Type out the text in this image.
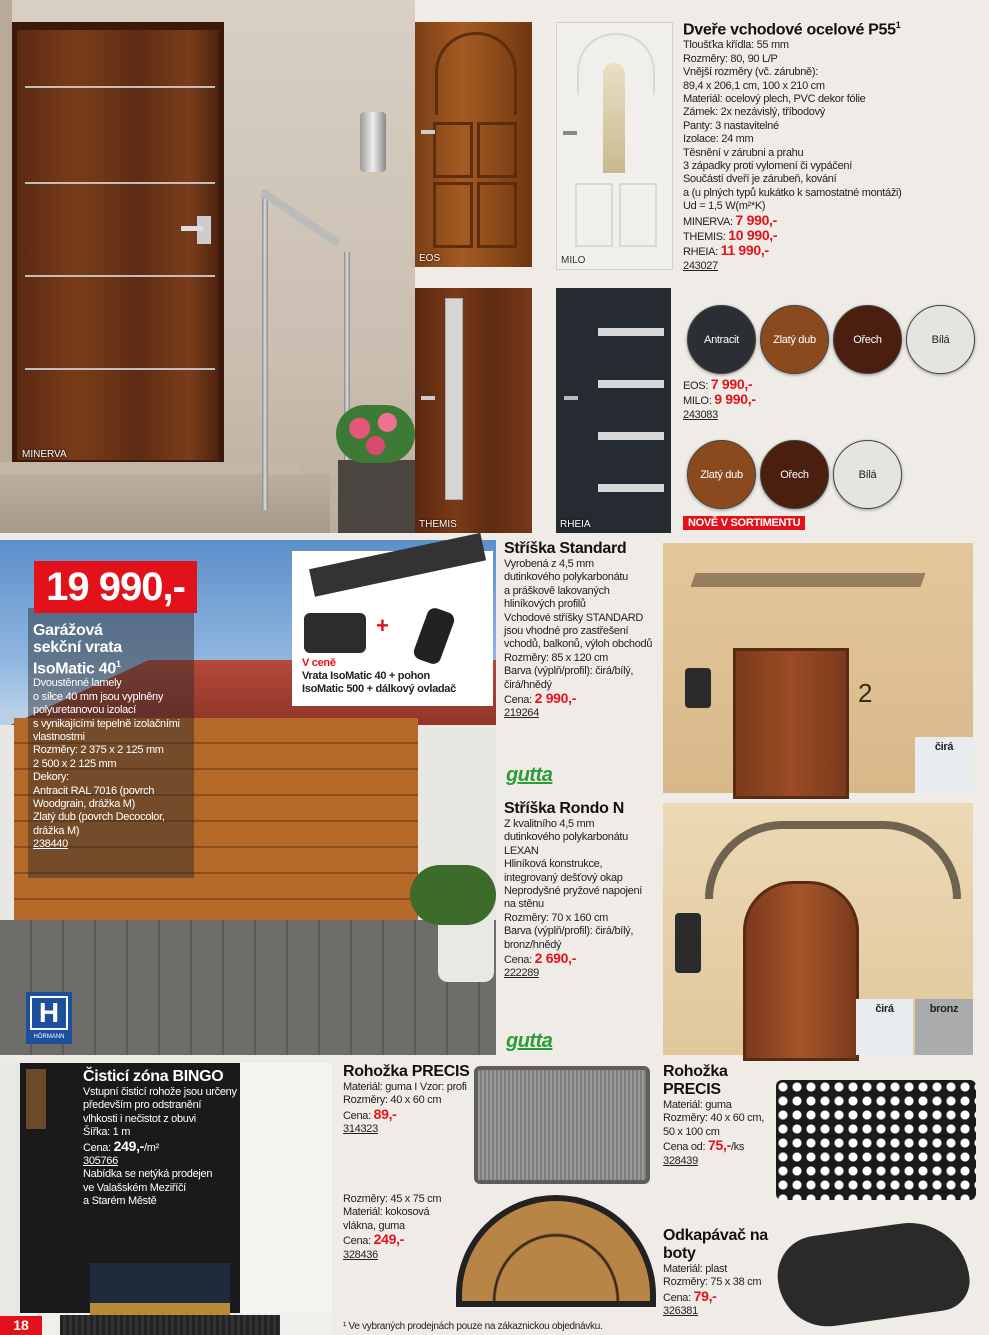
MINERVA
EOS	MILO
THEMIS	RHEIA
Dveře vchodové ocelové $P55^1$
Tloušťka křídla: 55 mm
Rozměry: 80, 90 L/P
Vnější rozměry (vč. zárubně):
89,4 x 206,1 cm, 100 x 210 cm
Materiál: ocelový plech, PVC dekor fólie
Zámek: 2x nezávislý, tříbodový
Panty: 3 nastavitelné
Izolace: 24 mm
Těsnění v zárubni a prahu
3 západky proti vylomení či vypáčení
Součástí dveří je zárubeň, kování
a (u plných typů kukátko k samostatné montáži)
Ud = 1,5 W(m²*K)
MINERVA: 7 990,-
THEMIS: 10 990,-
RHEIA: 11 990,-
243027
Antracit	Zlatý dub	Ořech	Bílá
EOS: 7 990,-
MILO: 9 990,-
243083
Zlatý dub	Ořech	Bílá
NOVĚ V SORTIMENTU
H
HÖRMANN
19 990,-
Garážová
sekční vrata
IsoMatic $40^1$
Dvoustěnné lamely
o síłce 40 mm jsou vyplněny
polyuretanovou izolací
s vynikajícími tepelně izolačními
vlastnostmi
Rozměry: 2 375 x 2 125 mm
2 500 x 2 125 mm
Dekory:
Antracit RAL 7016 (povrch
Woodgrain, drážka M)
Zlatý dub (povrch Decocolor,
drážka M)
238440
+
V ceně
Vrata IsoMatic 40 + pohon
IsoMatic 500 + dálkový ovladač
Stříška Standard
Vyrobená z 4,5 mm
dutinkového polykarbonátu
a práškově lakovaných
hliníkových profilů
Vchodové stříšky STANDARD
jsou vhodné pro zastřešení
vchodů, balkonů, výloh obchodů
Rozměry: 85 x 120 cm
Barva (výplň/profil): čirá/bílý,
čirá/hnědý
Cena: 2 990,-
219264
gutta
2
čirá
Stříška Rondo N
Z kvalitního 4,5 mm
dutinkového polykarbonátu
LEXAN
Hliníková konstrukce,
integrovaný dešťový okap
Neprodyšné pryžové napojení
na stěnu
Rozměry: 70 x 160 cm
Barva (výplň/profil): čirá/bílý,
bronz/hnědý
Cena: 2 690,-
222289
gutta
čirá	bronz
Čisticí zóna BINGO
Vstupní čisticí rohože jsou určeny
především pro odstranění
vlhkosti i nečistot z obuvi
Šířka: 1 m
Cena: 249,-/m²
305766
Nabídka se netýká prodejen
ve Valašském Meziříčí
a Starém Městě
18
Rohožka PRECIS
Materiál: guma I Vzor: profi
Rozměry: 40 x 60 cm
Cena: 89,-
314323
Rozměry: 45 x 75 cm
Materiál: kokosová
vlákna, guma
Cena: 249,-
328436
Rohožka PRECIS
Materiál: guma
Rozměry: 40 x 60 cm,
50 x 100 cm
Cena od: 75,-/ks
328439
Odkapávač na boty
Materiál: plast
Rozměry: 75 x 38 cm
Cena: 79,-
326381
¹ Ve vybraných prodejnách pouze na zákaznickou objednávku.
